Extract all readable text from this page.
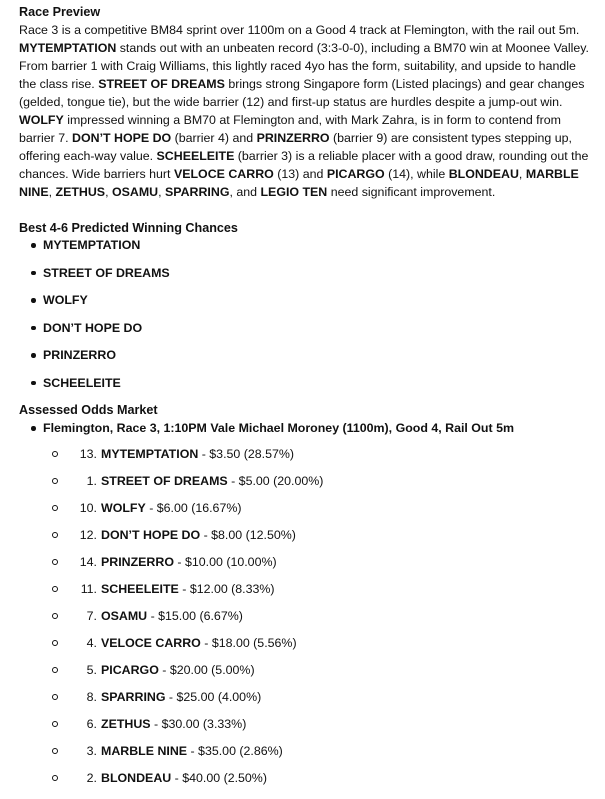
Race Preview

Race 3 is a competitive BM84 sprint over 1100m on a Good 4 track at Flemington, with the rail out 5m. MYTEMPTATION stands out with an unbeaten record (3:3-0-0), including a BM70 win at Moonee Valley. From barrier 1 with Craig Williams, this lightly raced 4yo has the form, suitability, and upside to handle the class rise. STREET OF DREAMS brings strong Singapore form (Listed placings) and gear changes (gelded, tongue tie), but the wide barrier (12) and first-up status are hurdles despite a jump-out win. WOLFY impressed winning a BM70 at Flemington and, with Mark Zahra, is in form to contend from barrier 7. DON’T HOPE DO (barrier 4) and PRINZERRO (barrier 9) are consistent types stepping up, offering each-way value. SCHEELEITE (barrier 3) is a reliable placer with a good draw, rounding out the chances. Wide barriers hurt VELOCE CARRO (13) and PICARGO (14), while BLONDEAU, MARBLE NINE, ZETHUS, OSAMU, SPARRING, and LEGIO TEN need significant improvement.

Best 4-6 Predicted Winning Chances
MYTEMPTATION
STREET OF DREAMS
WOLFY
DON’T HOPE DO
PRINZERRO
SCHEELEITE
Assessed Odds Market
Flemington, Race 3, 1:10PM Vale Michael Moroney (1100m), Good 4, Rail Out 5m
13. MYTEMPTATION - $3.50 (28.57%)
1. STREET OF DREAMS - $5.00 (20.00%)
10. WOLFY - $6.00 (16.67%)
12. DON’T HOPE DO - $8.00 (12.50%)
14. PRINZERRO - $10.00 (10.00%)
11. SCHEELEITE - $12.00 (8.33%)
7. OSAMU - $15.00 (6.67%)
4. VELOCE CARRO - $18.00 (5.56%)
5. PICARGO - $20.00 (5.00%)
8. SPARRING - $25.00 (4.00%)
6. ZETHUS - $30.00 (3.33%)
3. MARBLE NINE - $35.00 (2.86%)
2. BLONDEAU - $40.00 (2.50%)
